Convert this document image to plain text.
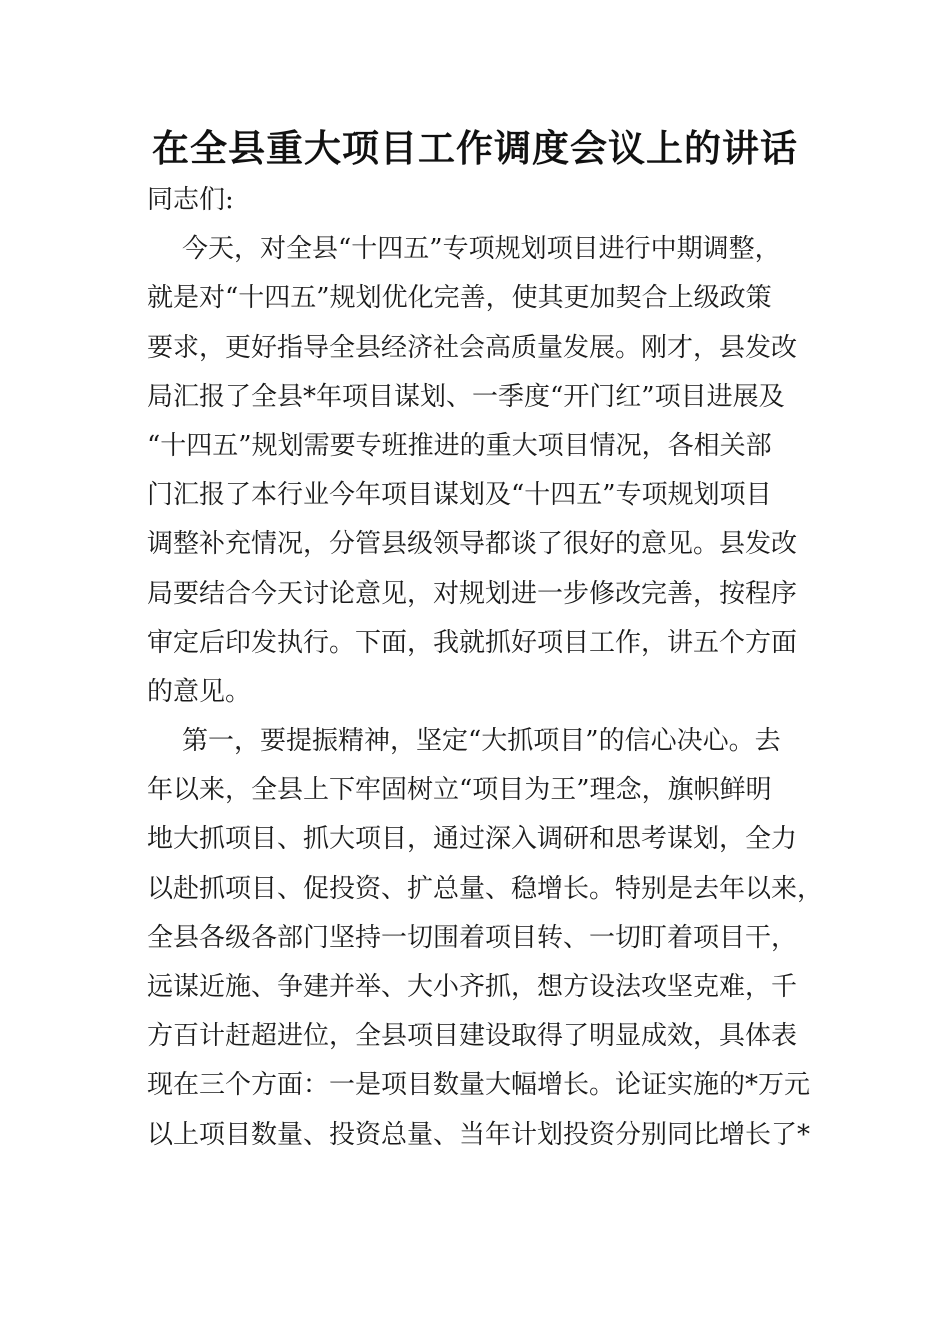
在全县重大项目工作调度会议上的讲话
同志们:
今天，对全县“十四五”专项规划项目进行中期调整，
就是对“十四五”规划优化完善，使其更加契合上级政策
要求，更好指导全县经济社会高质量发展。刚才，县发改
局汇报了全县*年项目谋划、一季度“开门红”项目进展及
“十四五”规划需要专班推进的重大项目情况，各相关部
门汇报了本行业今年项目谋划及“十四五”专项规划项目
调整补充情况，分管县级领导都谈了很好的意见。县发改
局要结合今天讨论意见，对规划进一步修改完善，按程序
审定后印发执行。下面，我就抓好项目工作，讲五个方面
的意见。
第一，要提振精神，坚定“大抓项目”的信心决心。去
年以来，全县上下牢固树立“项目为王”理念，旗帜鲜明
地大抓项目、抓大项目，通过深入调研和思考谋划，全力
以赴抓项目、促投资、扩总量、稳增长。特别是去年以来，
全县各级各部门坚持一切围着项目转、一切盯着项目干，
远谋近施、争建并举、大小齐抓，想方设法攻坚克难，千
方百计赶超进位，全县项目建设取得了明显成效，具体表
现在三个方面：一是项目数量大幅增长。论证实施的*万元
以上项目数量、投资总量、当年计划投资分别同比增长了*
